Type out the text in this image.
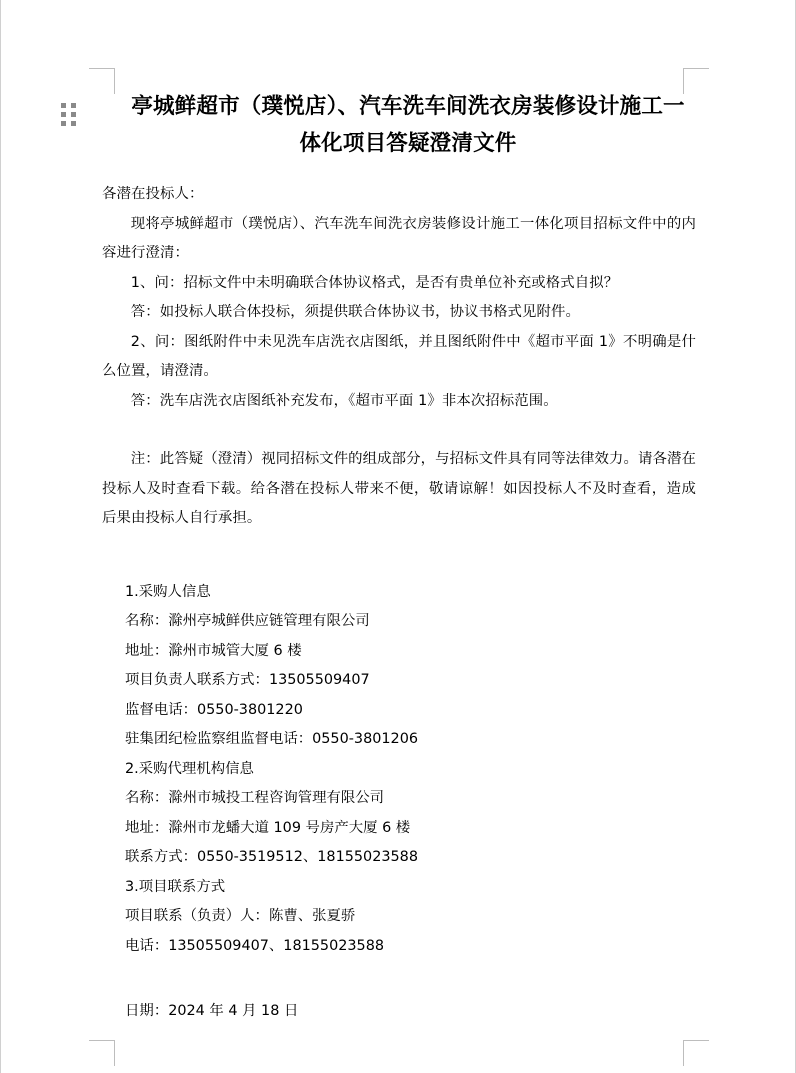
亭城鲜超市（璞悦店）、汽车洗车间洗衣房装修设计施工一
体化项目答疑澄清文件

各潜在投标人：

现将亭城鲜超市（璞悦店）、汽车洗车间洗衣房装修设计施工一体化项目招标文件中的内容进行澄清：

1、问：招标文件中未明确联合体协议格式，是否有贵单位补充或格式自拟？

答：如投标人联合体投标，须提供联合体协议书，协议书格式见附件。

2、问：图纸附件中未见洗车店洗衣店图纸，并且图纸附件中《超市平面 1》不明确是什么位置，请澄清。

答：洗车店洗衣店图纸补充发布，《超市平面 1》非本次招标范围。

注：此答疑（澄清）视同招标文件的组成部分，与招标文件具有同等法律效力。请各潜在投标人及时查看下载。给各潜在投标人带来不便，敬请谅解！如因投标人不及时查看，造成后果由投标人自行承担。

1.采购人信息

名称：滁州亭城鲜供应链管理有限公司

地址：滁州市城管大厦 6 楼

项目负责人联系方式：13505509407

监督电话：0550-3801220

驻集团纪检监察组监督电话：0550-3801206

2.采购代理机构信息

名称：滁州市城投工程咨询管理有限公司

地址：滁州市龙蟠大道 109 号房产大厦 6 楼

联系方式：0550-3519512、18155023588

3.项目联系方式

项目联系（负责）人：陈曹、张夏骄

电话：13505509407、18155023588

日期：2024 年 4 月 18 日
